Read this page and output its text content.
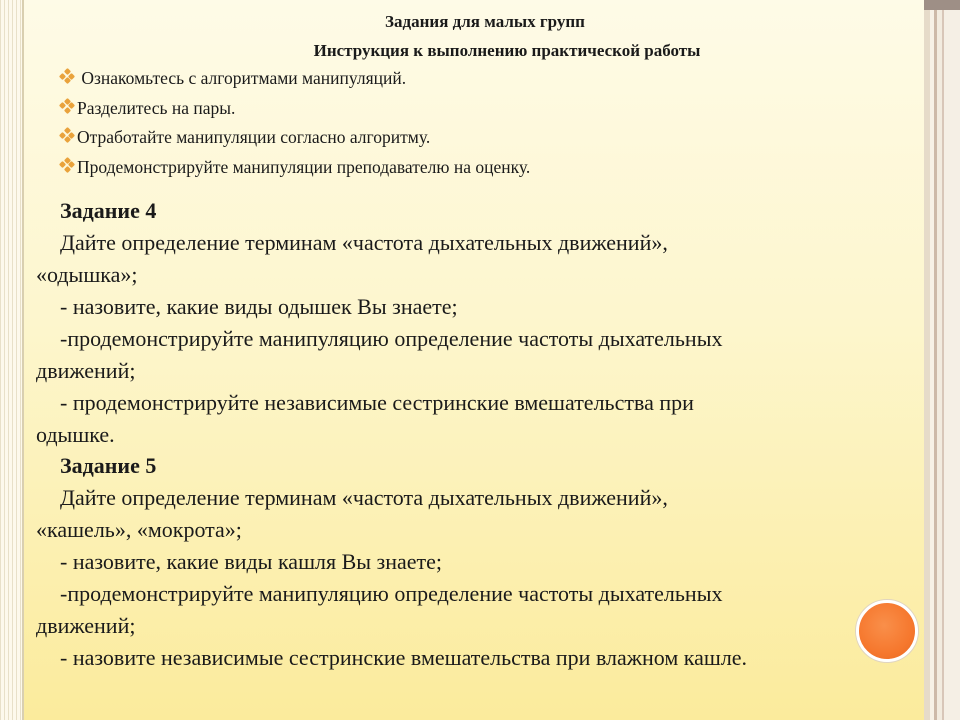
Задания для малых групп
Инструкция к выполнению практической работы
Ознакомьтесь с алгоритмами манипуляций.
Разделитесь на пары.
Отработайте манипуляции согласно алгоритму.
Продемонстрируйте манипуляции преподавателю на оценку.
Задание 4
Дайте определение терминам «частота дыхательных движений»,
«одышка»;
- назовите, какие виды одышек Вы знаете;
-продемонстрируйте манипуляцию определение частоты дыхательных
движений;
- продемонстрируйте независимые сестринские вмешательства при
одышке.
Задание 5
Дайте определение терминам «частота дыхательных движений»,
«кашель», «мокрота»;
- назовите, какие виды кашля Вы знаете;
-продемонстрируйте манипуляцию определение частоты дыхательных
движений;
- назовите независимые сестринские вмешательства при влажном кашле.
